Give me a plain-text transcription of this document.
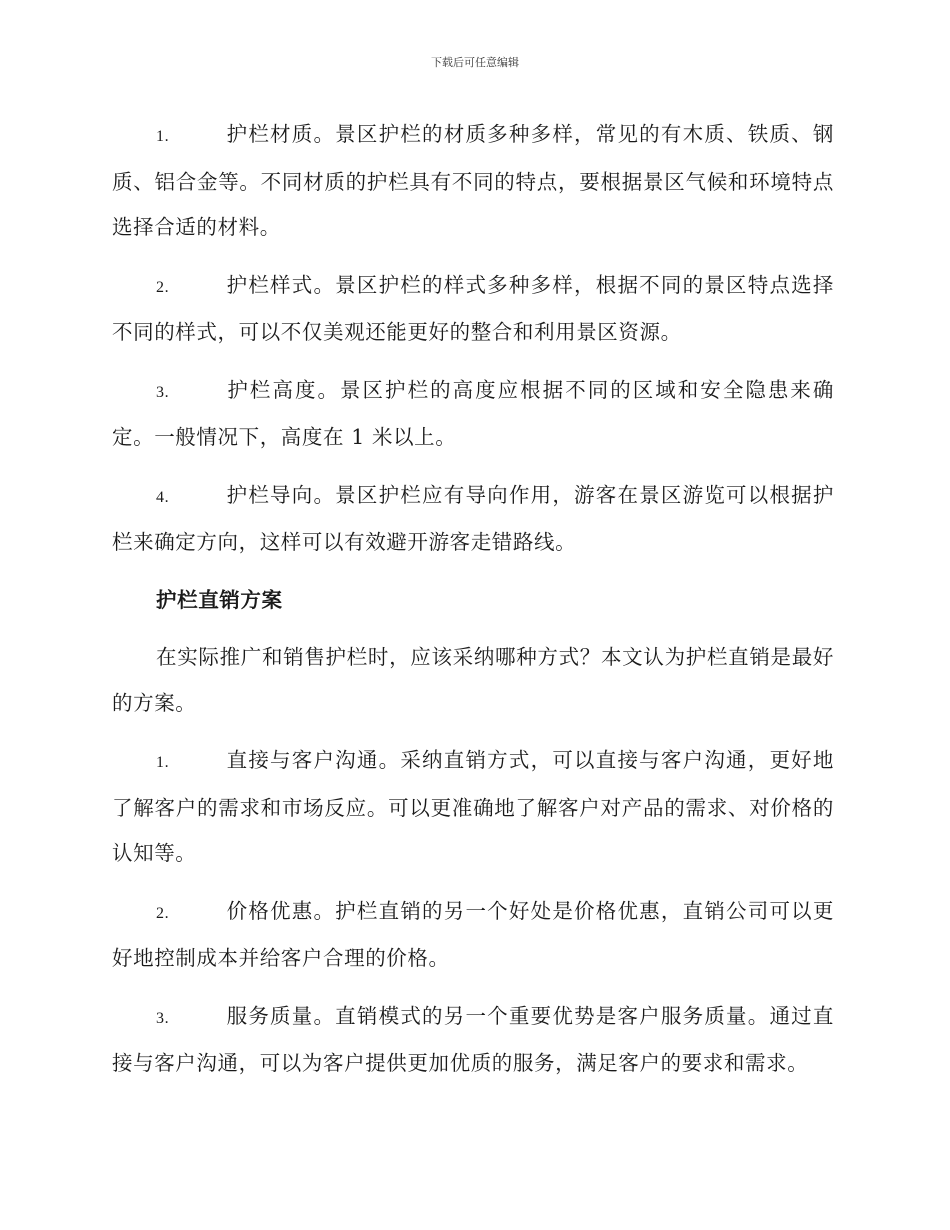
下载后可任意编辑

1.	护栏材质。景区护栏的材质多种多样，常见的有木质、铁质、钢质、铝合金等。不同材质的护栏具有不同的特点，要根据景区气候和环境特点选择合适的材料。

2.	护栏样式。景区护栏的样式多种多样，根据不同的景区特点选择不同的样式，可以不仅美观还能更好的整合和利用景区资源。

3.	护栏高度。景区护栏的高度应根据不同的区域和安全隐患来确定。一般情况下，高度在 1 米以上。

4.	护栏导向。景区护栏应有导向作用，游客在景区游览可以根据护栏来确定方向，这样可以有效避开游客走错路线。

护栏直销方案

在实际推广和销售护栏时，应该采纳哪种方式？本文认为护栏直销是最好的方案。

1.	直接与客户沟通。采纳直销方式，可以直接与客户沟通，更好地了解客户的需求和市场反应。可以更准确地了解客户对产品的需求、对价格的认知等。

2.	价格优惠。护栏直销的另一个好处是价格优惠，直销公司可以更好地控制成本并给客户合理的价格。

3.	服务质量。直销模式的另一个重要优势是客户服务质量。通过直接与客户沟通，可以为客户提供更加优质的服务，满足客户的要求和需求。
